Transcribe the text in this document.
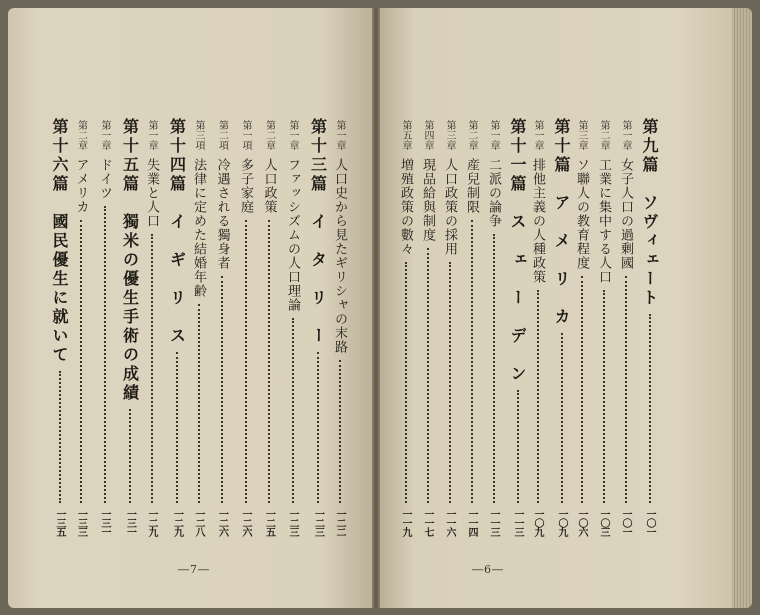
第一章
人口史から見たギリシャの末路
一二二
第十三篇　イ　タ　リ　ー
一二三
第一章
ファッシズムの人口理論
一二三
第二章
人口政策
一二五
第一項
多子家庭
一二六
第二項
冷遇される獨身者
一二六
第三項
法律に定めた結婚年齢
一二八
第十四篇　イ　ギ　リ　ス
一二九
第一章
失業と人口
一二九
第十五篇　獨米の優生手術の成績
一三一
第一章
ドイツ
一三一
第二章
アメリカ
一三三
第十六篇　國民優生に就いて
一三五
―7―
第九篇　ソヴィェート
一〇一
第一章
女子人口の過剰國
一〇一
第二章
工業に集中する人口
一〇三
第三章
ソ聯人の教育程度
一〇六
第十篇　ア　メ　リ　カ
一〇九
第一章
排他主義の人種政策
一〇九
第十一篇　ス　ェ　ー　デ　ン
一一三
第一章
二派の論争
一一三
第二章
産兒制限
一一四
第三章
人口政策の採用
一一六
第四章
現品給與制度
一一七
第五章
増殖政策の數々
一一九
―6―
